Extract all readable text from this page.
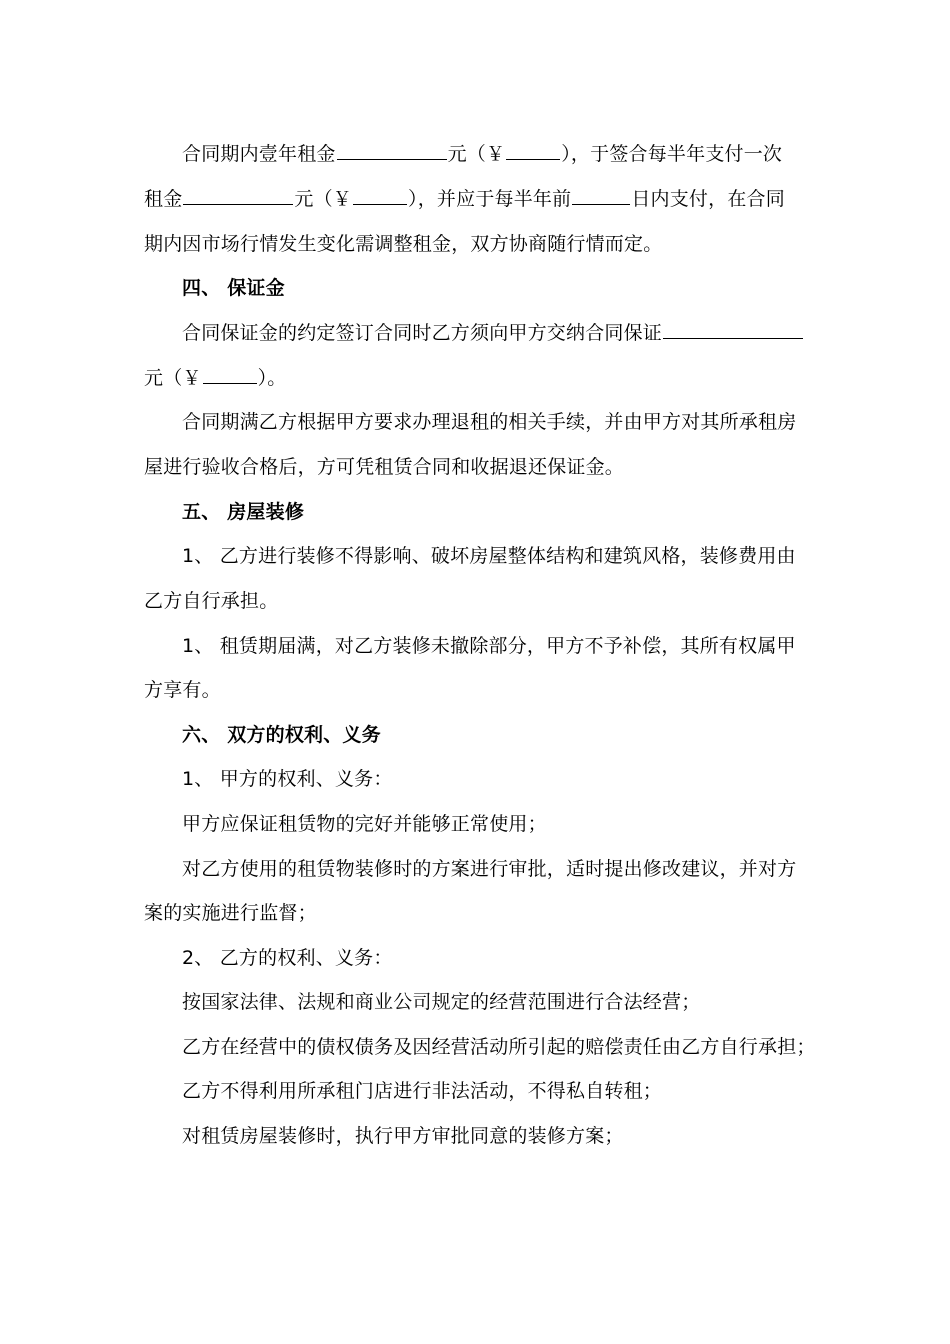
合同期内壹年租金	元（￥	），于签合每半年支付一次
租金	元（￥	），并应于每半年前	日内支付，在合同
期内因市场行情发生变化需调整租金，双方协商随行情而定。
四、 保证金
合同保证金的约定签订合同时乙方须向甲方交纳合同保证
元（￥	）。
合同期满乙方根据甲方要求办理退租的相关手续，并由甲方对其所承租房
屋进行验收合格后，方可凭租赁合同和收据退还保证金。
五、 房屋装修
1、 乙方进行装修不得影响、破坏房屋整体结构和建筑风格，装修费用由
乙方自行承担。
1、 租赁期届满，对乙方装修未撤除部分，甲方不予补偿，其所有权属甲
方享有。
六、 双方的权利、义务
1、 甲方的权利、义务：
甲方应保证租赁物的完好并能够正常使用；
对乙方使用的租赁物装修时的方案进行审批，适时提出修改建议，并对方
案的实施进行监督；
2、 乙方的权利、义务：
按国家法律、法规和商业公司规定的经营范围进行合法经营；
乙方在经营中的债权债务及因经营活动所引起的赔偿责任由乙方自行承担；
乙方不得利用所承租门店进行非法活动，不得私自转租；
对租赁房屋装修时，执行甲方审批同意的装修方案；
